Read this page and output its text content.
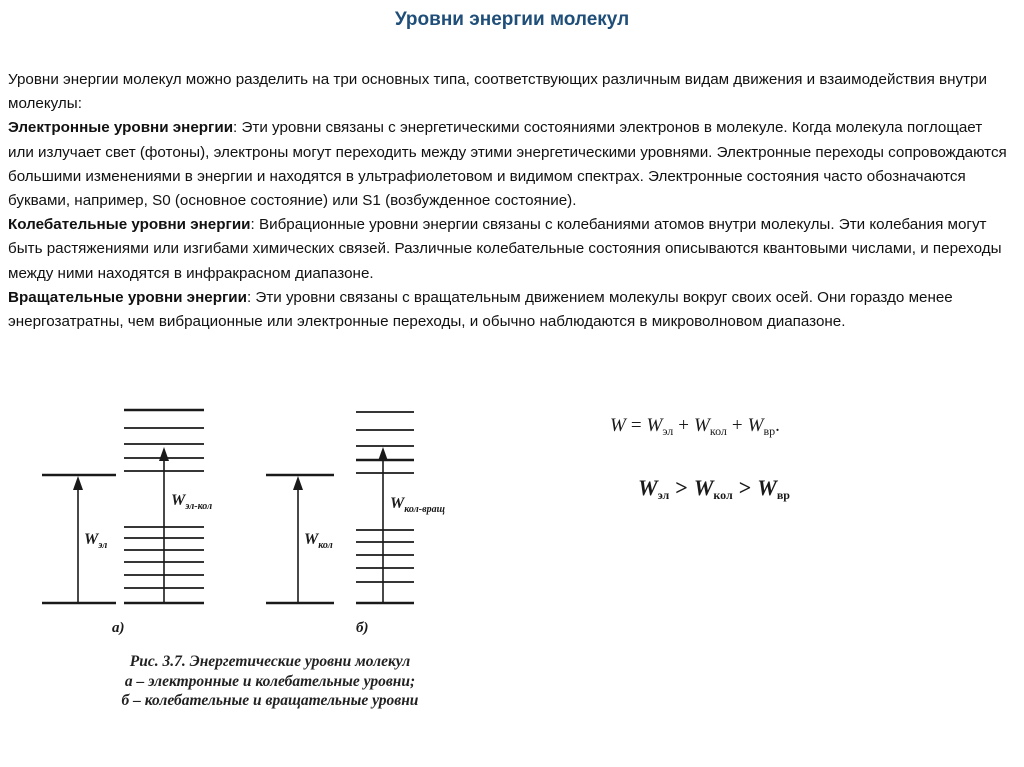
Уровни энергии молекул

Уровни энергии молекул можно разделить на три основных типа, соответствующих различным видам движения и взаимодействия внутри молекулы:

Электронные уровни энергии: Эти уровни связаны с энергетическими состояниями электронов в молекуле. Когда молекула поглощает или излучает свет (фотоны), электроны могут переходить между этими энергетическими уровнями. Электронные переходы сопровождаются большими изменениями в энергии и находятся в ультрафиолетовом и видимом спектрах. Электронные состояния часто обозначаются буквами, например, S0 (основное состояние) или S1 (возбужденное состояние).

Колебательные уровни энергии: Вибрационные уровни энергии связаны с колебаниями атомов внутри молекулы. Эти колебания могут быть растяжениями или изгибами химических связей. Различные колебательные состояния описываются квантовыми числами, и переходы между ними находятся в инфракрасном диапазоне.

Вращательные уровни энергии: Эти уровни связаны с вращательным движением молекулы вокруг своих осей. Они гораздо менее энергозатратны, чем вибрационные или электронные переходы, и обычно наблюдаются в микроволновом диапазоне.

$W_{эл}$
$W_{эл-кол}$
$W_{кол}$
$W_{кол-вращ}$
а)	б)
Рис. 3.7. Энергетические уровни молекул
а – электронные и колебательные уровни;
б – колебательные и вращательные уровни
$W = W_{эл} + W_{кол} + W_{вр}$.
Wэл > Wкол > Wвр
